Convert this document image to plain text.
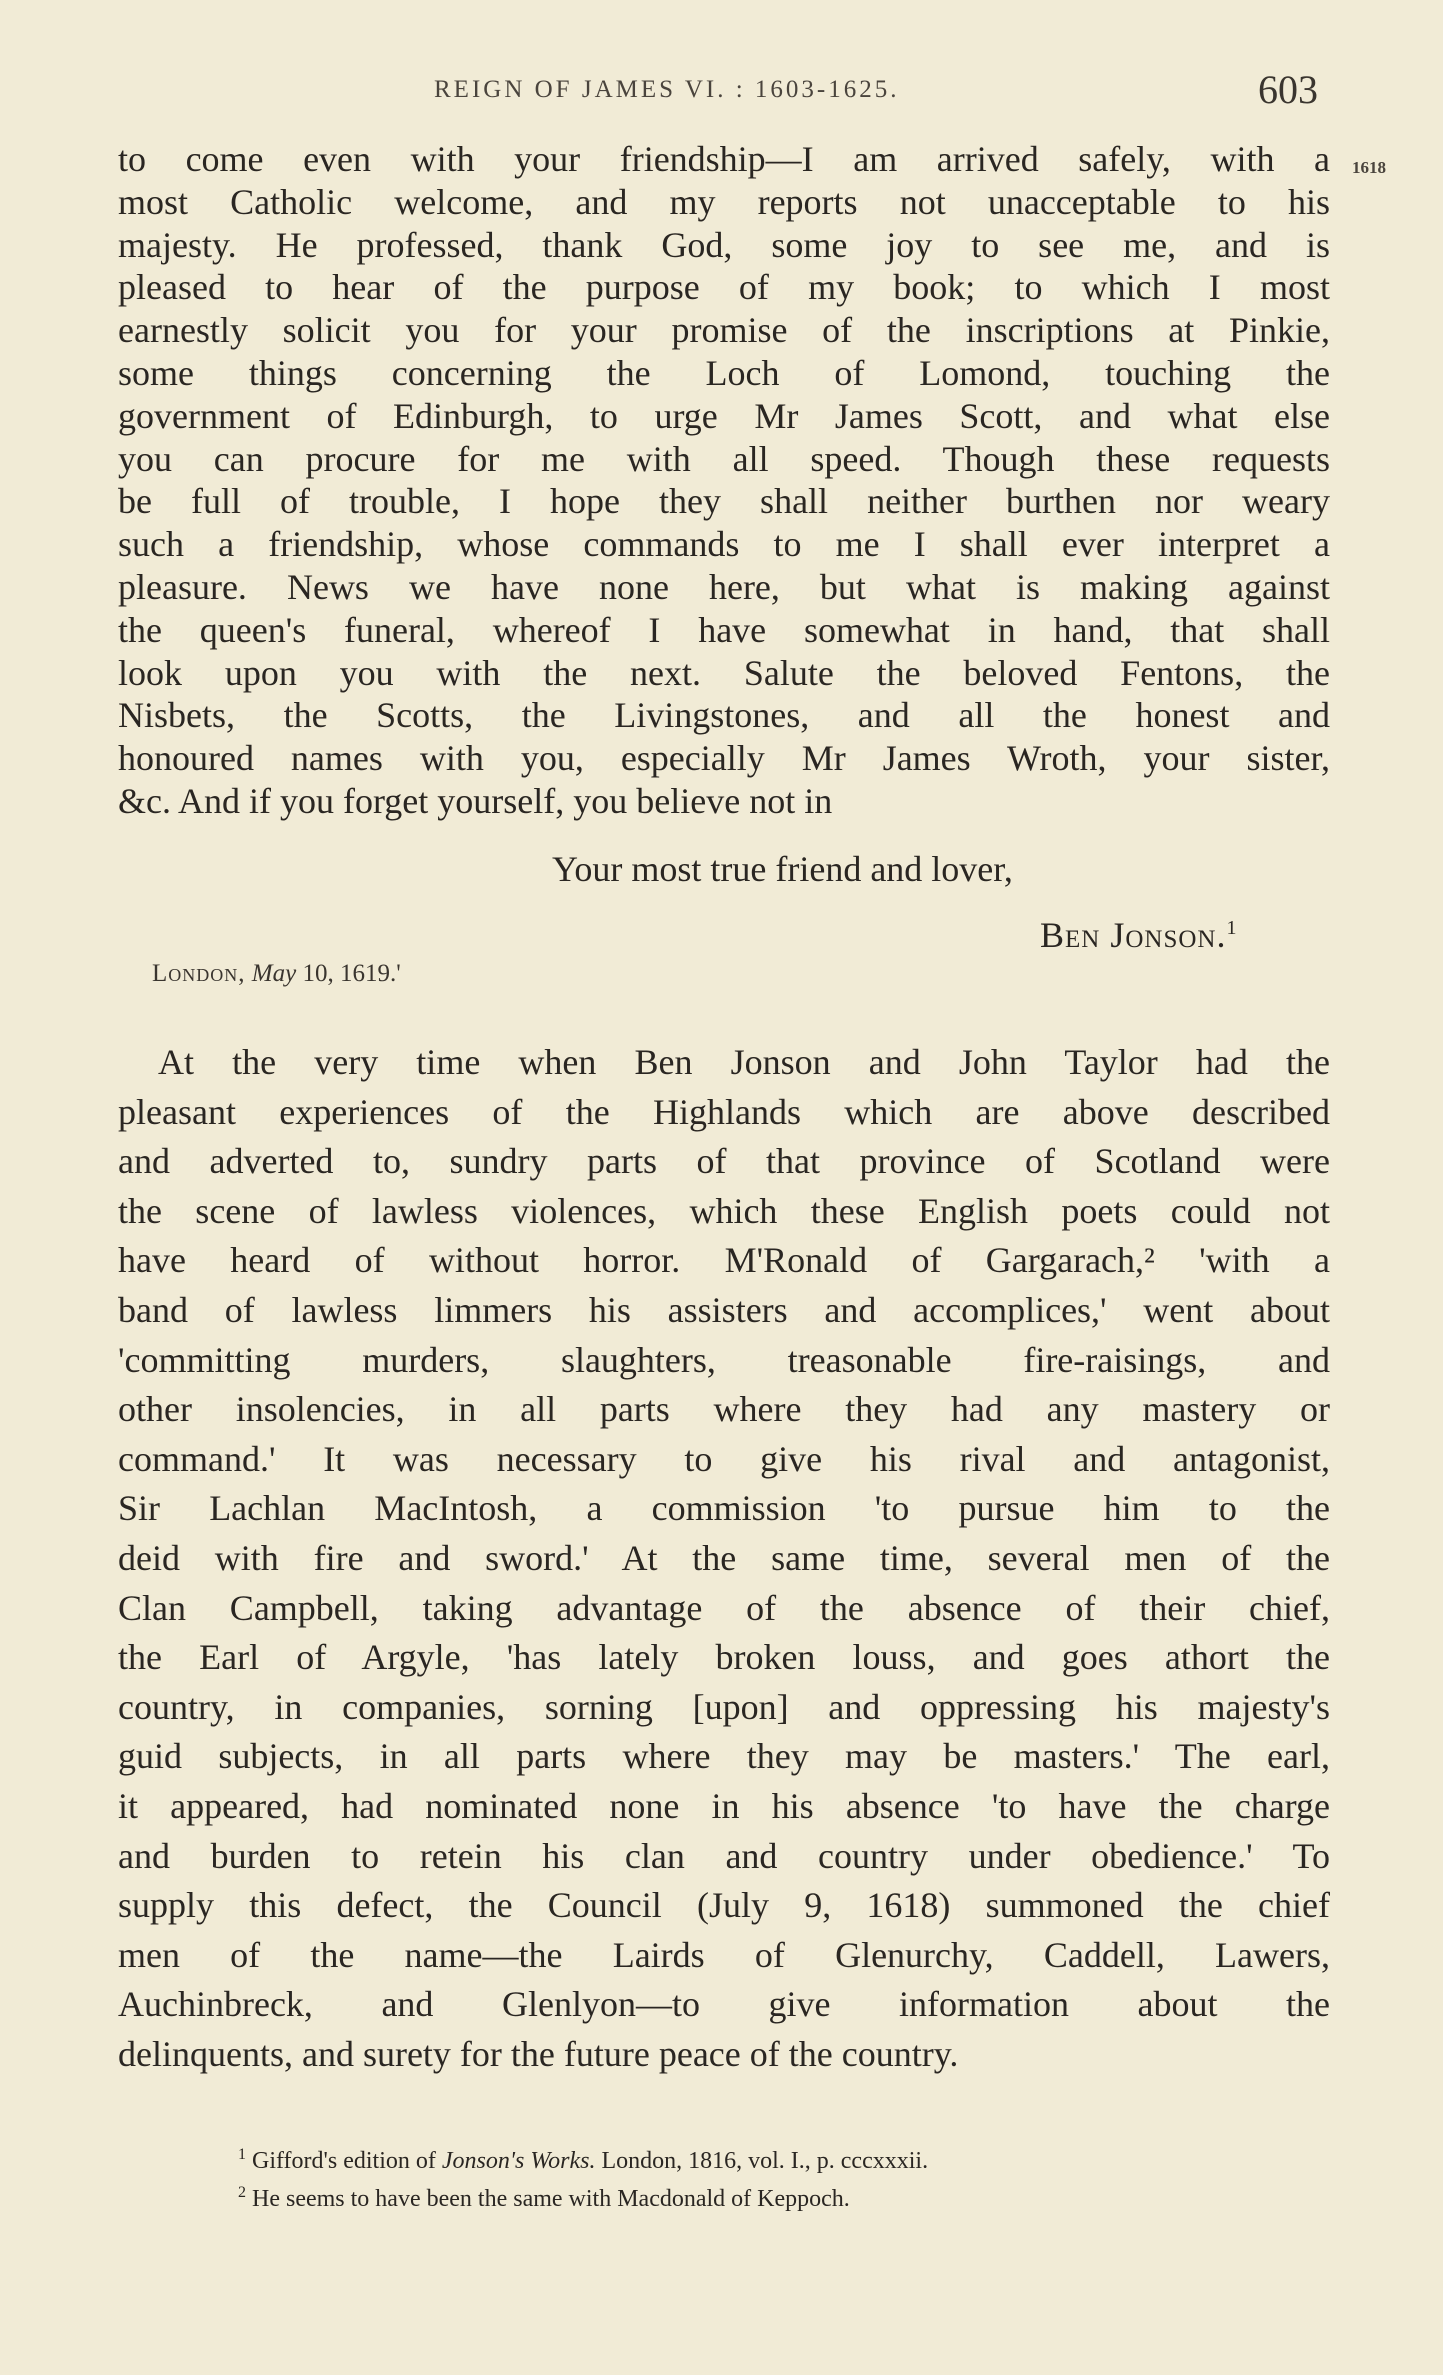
REIGN OF JAMES VI. : 1603-1625.	603
1618
to come even with your friendship—I am arrived safely, with a
most Catholic welcome, and my reports not unacceptable to his
majesty. He professed, thank God, some joy to see me, and is
pleased to hear of the purpose of my book; to which I most
earnestly solicit you for your promise of the inscriptions at Pinkie,
some things concerning the Loch of Lomond, touching the
government of Edinburgh, to urge Mr James Scott, and what else
you can procure for me with all speed. Though these requests
be full of trouble, I hope they shall neither burthen nor weary
such a friendship, whose commands to me I shall ever interpret a
pleasure. News we have none here, but what is making against
the queen's funeral, whereof I have somewhat in hand, that shall
look upon you with the next. Salute the beloved Fentons, the
Nisbets, the Scotts, the Livingstones, and all the honest and
honoured names with you, especially Mr James Wroth, your sister,
&c. And if you forget yourself, you believe not in
Your most true friend and lover,
Ben Jonson.$^1$
London, May 10, 1619.'
At the very time when Ben Jonson and John Taylor had the
pleasant experiences of the Highlands which are above described
and adverted to, sundry parts of that province of Scotland were
the scene of lawless violences, which these English poets could not
have heard of without horror. M'Ronald of Gargarach,² 'with a
band of lawless limmers his assisters and accomplices,' went about
'committing murders, slaughters, treasonable fire-raisings, and
other insolencies, in all parts where they had any mastery or
command.' It was necessary to give his rival and antagonist,
Sir Lachlan MacIntosh, a commission 'to pursue him to the
deid with fire and sword.' At the same time, several men of the
Clan Campbell, taking advantage of the absence of their chief,
the Earl of Argyle, 'has lately broken louss, and goes athort the
country, in companies, sorning [upon] and oppressing his majesty's
guid subjects, in all parts where they may be masters.' The earl,
it appeared, had nominated none in his absence 'to have the charge
and burden to retein his clan and country under obedience.' To
supply this defect, the Council (July 9, 1618) summoned the chief
men of the name—the Lairds of Glenurchy, Caddell, Lawers,
Auchinbreck, and Glenlyon—to give information about the
delinquents, and surety for the future peace of the country.
$^1$ Gifford's edition of Jonson's Works. London, 1816, vol. I., p. cccxxxii.
$^2$ He seems to have been the same with Macdonald of Keppoch.
